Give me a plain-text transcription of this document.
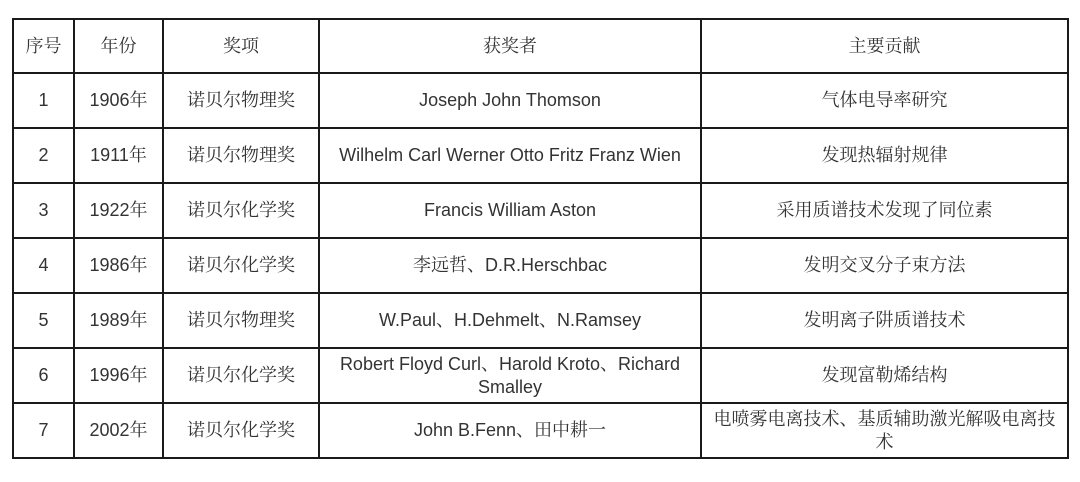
序号	年份	奖项	获奖者	主要贡献
1	1906年	诺贝尔物理奖	Joseph John Thomson	气体电导率研究
2	1911年	诺贝尔物理奖	Wilhelm Carl Werner Otto Fritz Franz Wien	发现热辐射规律
3	1922年	诺贝尔化学奖	Francis William Aston	采用质谱技术发现了同位素
4	1986年	诺贝尔化学奖	李远哲、D.R.Herschbac	发明交叉分子束方法
5	1989年	诺贝尔物理奖	W.Paul、H.Dehmelt、N.Ramsey	发明离子阱质谱技术
6	1996年	诺贝尔化学奖	Robert Floyd Curl、Harold Kroto、Richard Smalley	发现富勒烯结构
7	2002年	诺贝尔化学奖	John B.Fenn、田中耕一	电喷雾电离技术、基质辅助激光解吸电离技术
